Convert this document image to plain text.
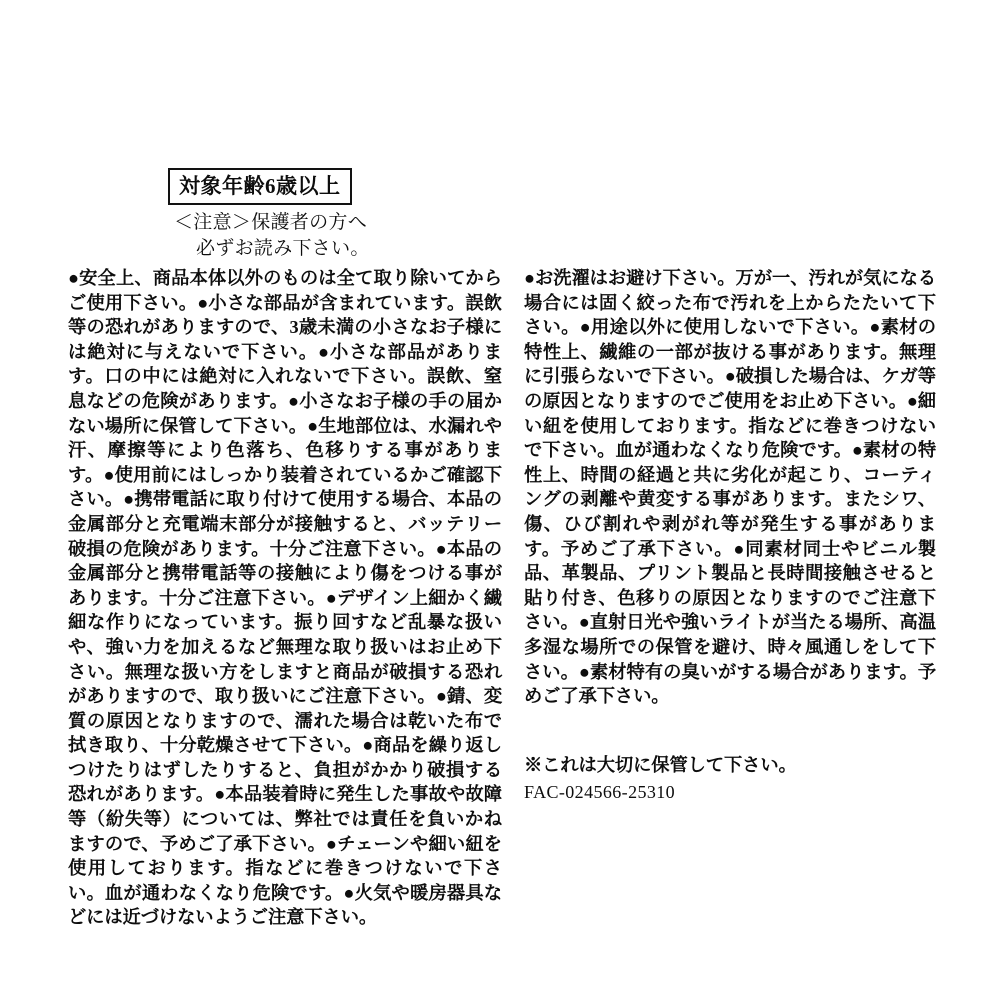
対象年齢6歳以上
＜注意＞保護者の方へ
必ずお読み下さい。

●安全上、商品本体以外のものは全て取り除いてからご使用下さい。●小さな部品が含まれています。誤飲等の恐れがありますので、3歳未満の小さなお子様には絶対に与えないで下さい。●小さな部品があります。口の中には絶対に入れないで下さい。誤飲、窒息などの危険があります。●小さなお子様の手の届かない場所に保管して下さい。●生地部位は、水漏れや汗、摩擦等により色落ち、色移りする事があります。●使用前にはしっかり装着されているかご確認下さい。●携帯電話に取り付けて使用する場合、本品の金属部分と充電端末部分が接触すると、バッテリー破損の危険があります。十分ご注意下さい。●本品の金属部分と携帯電話等の接触により傷をつける事があります。十分ご注意下さい。●デザイン上細かく繊細な作りになっています。振り回すなど乱暴な扱いや、強い力を加えるなど無理な取り扱いはお止め下さい。無理な扱い方をしますと商品が破損する恐れがありますので、取り扱いにご注意下さい。●錆、変質の原因となりますので、濡れた場合は乾いた布で拭き取り、十分乾燥させて下さい。●商品を繰り返しつけたりはずしたりすると、負担がかかり破損する恐れがあります。●本品装着時に発生した事故や故障等（紛失等）については、弊社では責任を負いかねますので、予めご了承下さい。●チェーンや細い紐を使用しております。指などに巻きつけないで下さい。血が通わなくなり危険です。●火気や暖房器具などには近づけないようご注意下さい。

●お洗濯はお避け下さい。万が一、汚れが気になる場合には固く絞った布で汚れを上からたたいて下さい。●用途以外に使用しないで下さい。●素材の特性上、繊維の一部が抜ける事があります。無理に引張らないで下さい。●破損した場合は、ケガ等の原因となりますのでご使用をお止め下さい。●細い紐を使用しております。指などに巻きつけないで下さい。血が通わなくなり危険です。●素材の特性上、時間の経過と共に劣化が起こり、コーティングの剥離や黄変する事があります。またシワ、傷、ひび割れや剥がれ等が発生する事があります。予めご了承下さい。●同素材同士やビニル製品、革製品、プリント製品と長時間接触させると貼り付き、色移りの原因となりますのでご注意下さい。●直射日光や強いライトが当たる場所、高温多湿な場所での保管を避け、時々風通しをして下さい。●素材特有の臭いがする場合があります。予めご了承下さい。

※これは大切に保管して下さい。
FAC-024566-25310
